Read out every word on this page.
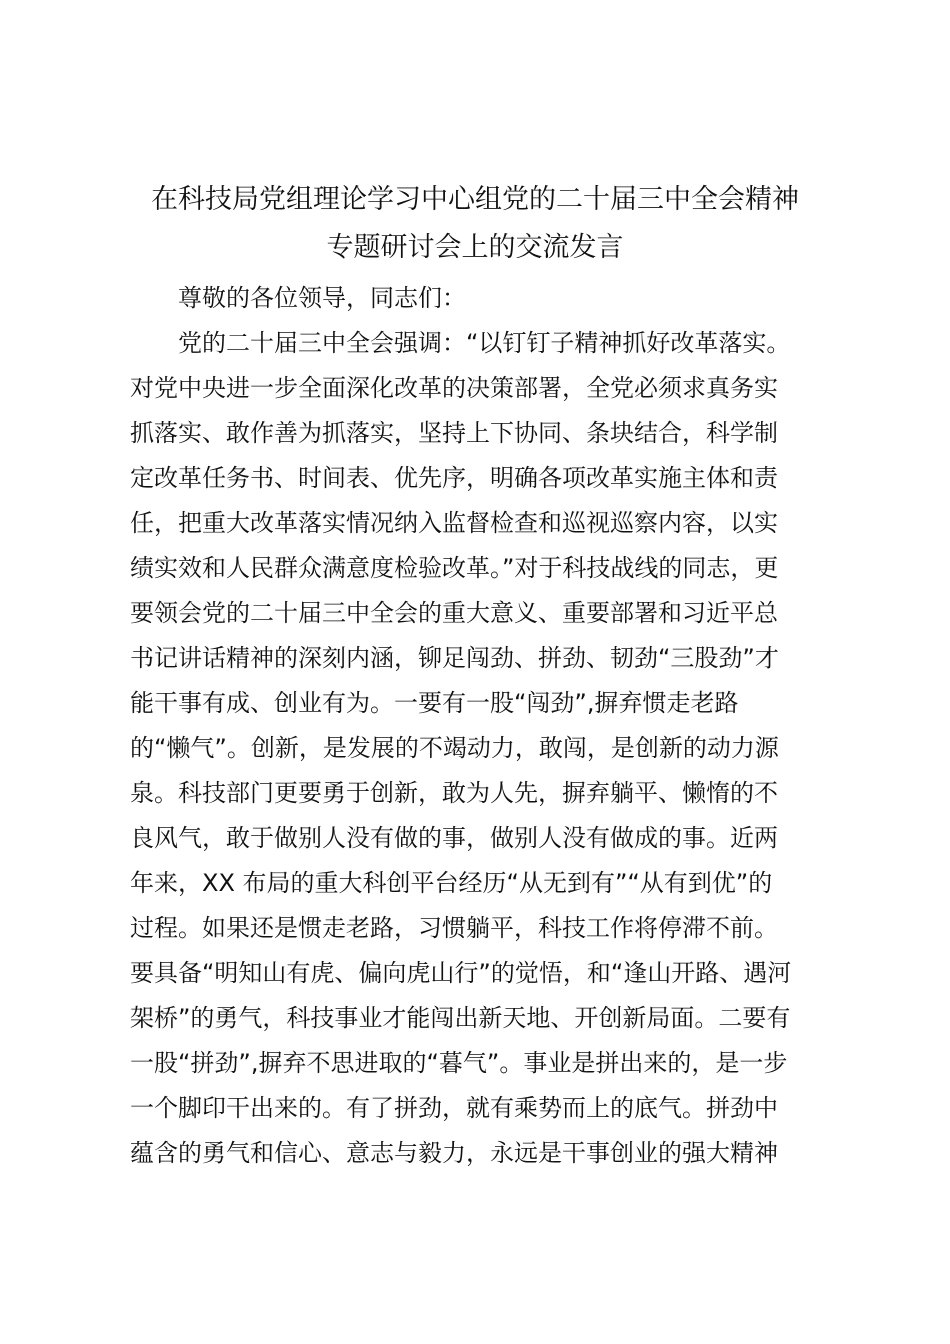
在科技局党组理论学习中心组党的二十届三中全会精神
专题研讨会上的交流发言
尊敬的各位领导，同志们：
党的二十届三中全会强调：“以钉钉子精神抓好改革落实。
对党中央进一步全面深化改革的决策部署，全党必须求真务实
抓落实、敢作善为抓落实，坚持上下协同、条块结合，科学制
定改革任务书、时间表、优先序，明确各项改革实施主体和责
任，把重大改革落实情况纳入监督检查和巡视巡察内容，以实
绩实效和人民群众满意度检验改革。”对于科技战线的同志，更
要领会党的二十届三中全会的重大意义、重要部署和习近平总
书记讲话精神的深刻内涵，铆足闯劲、拼劲、韧劲“三股劲”才
能干事有成、创业有为。一要有一股“闯劲”,摒弃惯走老路
的“懒气”。创新，是发展的不竭动力，敢闯，是创新的动力源
泉。科技部门更要勇于创新，敢为人先，摒弃躺平、懒惰的不
良风气，敢于做别人没有做的事，做别人没有做成的事。近两
年来，XX 布局的重大科创平台经历“从无到有”“从有到优”的
过程。如果还是惯走老路，习惯躺平，科技工作将停滞不前。
要具备“明知山有虎、偏向虎山行”的觉悟，和“逢山开路、遇河
架桥”的勇气，科技事业才能闯出新天地、开创新局面。二要有
一股“拼劲”,摒弃不思进取的“暮气”。事业是拼出来的，是一步
一个脚印干出来的。有了拼劲，就有乘势而上的底气。拼劲中
蕴含的勇气和信心、意志与毅力，永远是干事创业的强大精神
